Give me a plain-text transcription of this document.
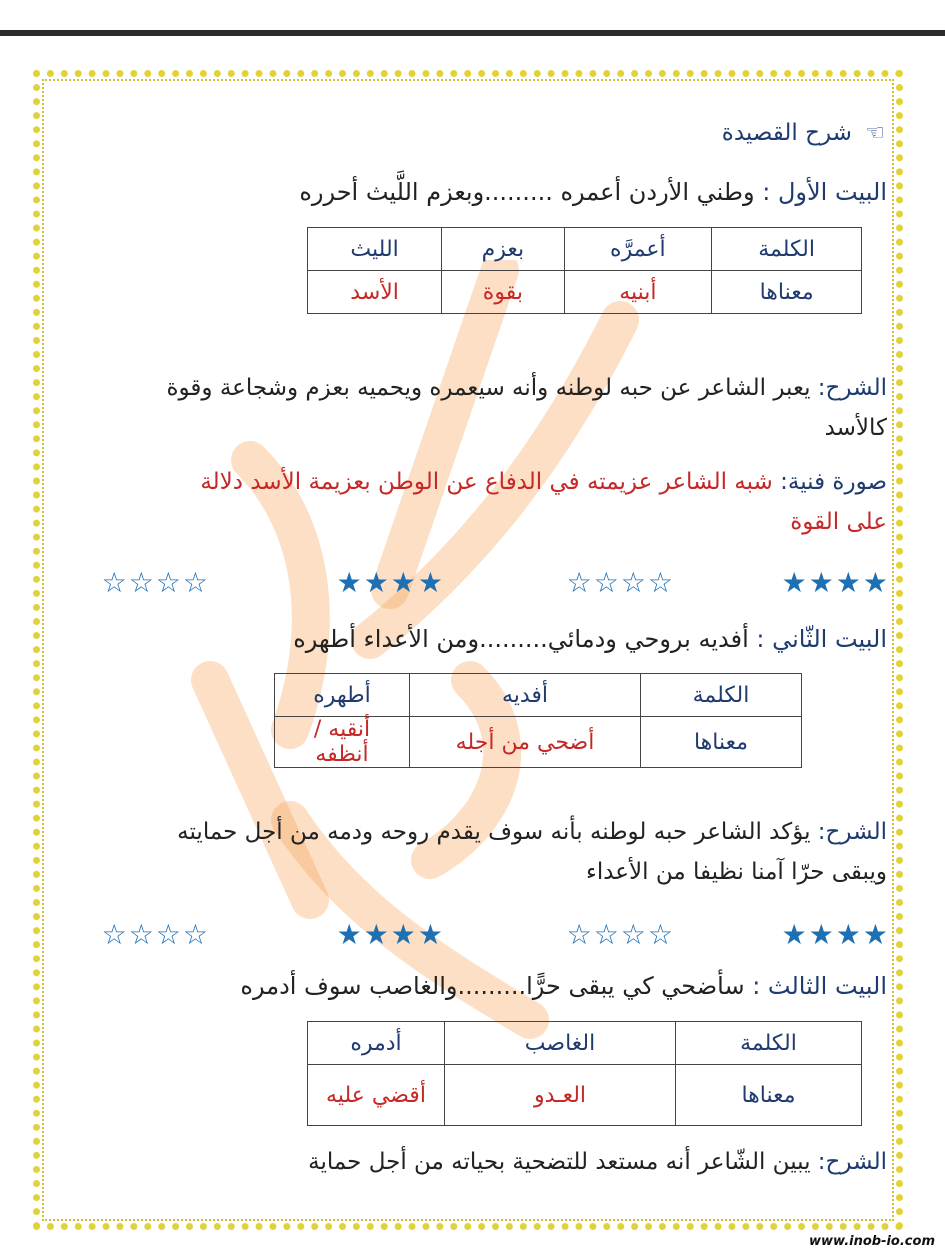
☜ شرح القصيدة
البيت الأول : وطني الأردن أعمره .........وبعزم اللَّيث أحرره
الكلمة	أعمرَّه	بعزم	الليث
معناها	أبنيه	بقوة	الأسد
الشرح: يعبر الشاعر عن حبه لوطنه وأنه سيعمره ويحميه بعزم وشجاعة وقوة
كالأسد
صورة فنية: شبه الشاعر عزيمته في الدفاع عن الوطن بعزيمة الأسد دلالة
على القوة
★★★★
☆☆☆☆
★★★★
☆☆☆☆
البيت الثّاني : أفديه بروحي ودمائي.........ومن الأعداء أطهره
الكلمة	أفديه	أطهره
معناها	أضحي من أجله	أنقيه / أنظفه
الشرح: يؤكد الشاعر حبه لوطنه بأنه سوف يقدم روحه ودمه من أجل حمايته
ويبقى حرّا آمنا نظيفا من الأعداء
★★★★
☆☆☆☆
★★★★
☆☆☆☆
البيت الثالث : سأضحي كي يبقى حرًّا.........والغاصب سوف أدمره
الكلمة	الغاصب	أدمره
معناها	العـدو	أقضي عليه
الشرح: يبين الشّاعر أنه مستعد للتضحية بحياته من أجل حماية
www.inob-io.com
